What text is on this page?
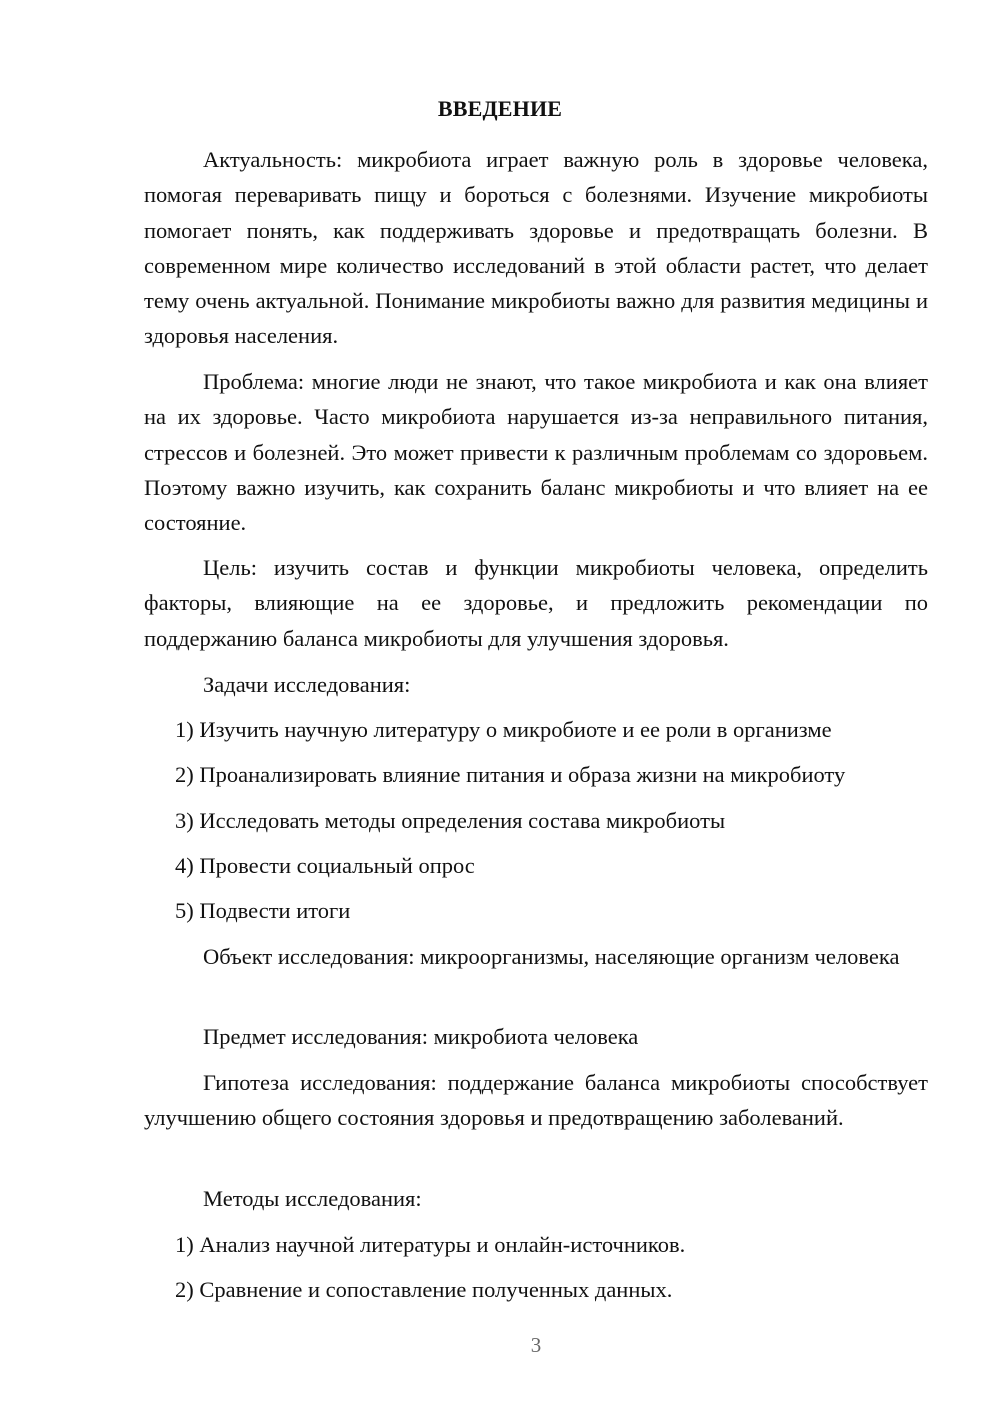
ВВЕДЕНИЕ

Актуальность: микробиота играет важную роль в здоровье человека, помогая переваривать пищу и бороться с болезнями. Изучение микробиоты помогает понять, как поддерживать здоровье и предотвращать болезни. В современном мире количество исследований в этой области растет, что делает тему очень актуальной. Понимание микробиоты важно для развития медицины и здоровья населения.

Проблема: многие люди не знают, что такое микробиота и как она влияет на их здоровье. Часто микробиота нарушается из-за неправильного питания, стрессов и болезней. Это может привести к различным проблемам со здоровьем. Поэтому важно изучить, как сохранить баланс микробиоты и что влияет на ее состояние.

Цель: изучить состав и функции микробиоты человека, определить факторы, влияющие на ее здоровье, и предложить рекомендации по поддержанию баланса микробиоты для улучшения здоровья.

Задачи исследования:
1) Изучить научную литературу о микробиоте и ее роли в организме
2) Проанализировать влияние питания и образа жизни на микробиоту
3) Исследовать методы определения состава микробиоты
4) Провести социальный опрос
5) Подвести итоги

Объект исследования: микроорганизмы, населяющие организм человека

Предмет исследования: микробиота человека

Гипотеза исследования: поддержание баланса микробиоты способствует улучшению общего состояния здоровья и предотвращению заболеваний.

Методы исследования:
1) Анализ научной литературы и онлайн-источников.
2) Сравнение и сопоставление полученных данных.
3
